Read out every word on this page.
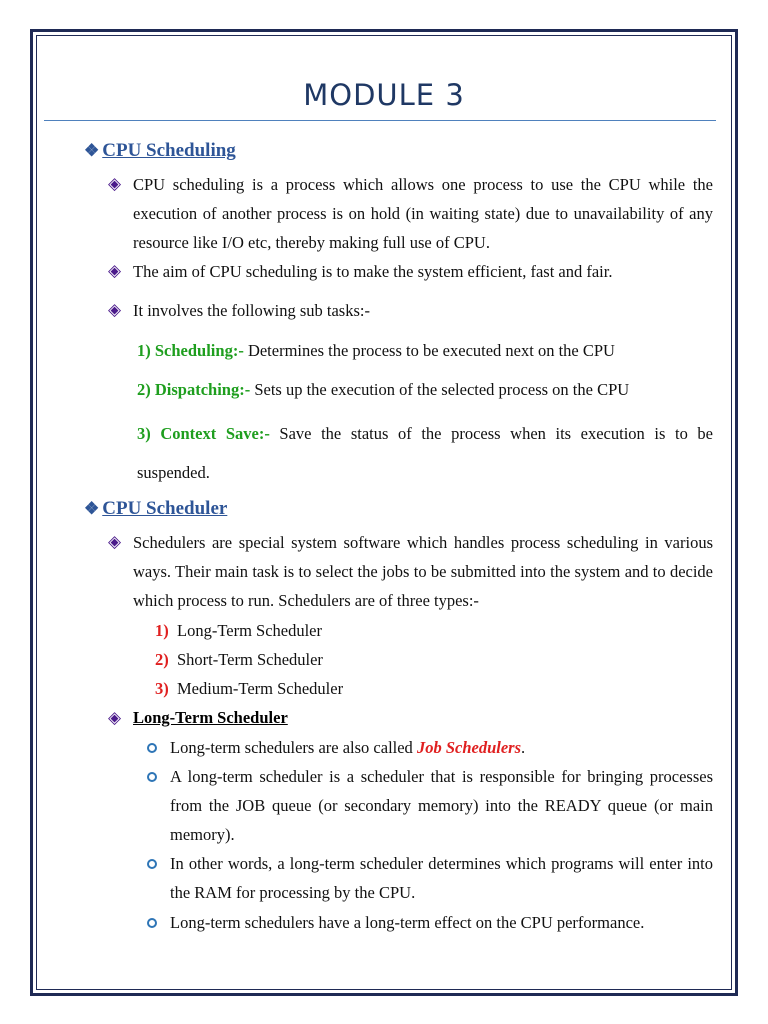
MODULE 3
❖ CPU Scheduling
◈ CPU scheduling is a process which allows one process to use the CPU while the execution of another process is on hold (in waiting state) due to unavailability of any resource like I/O etc, thereby making full use of CPU.
◈ The aim of CPU scheduling is to make the system efficient, fast and fair.
◈ It involves the following sub tasks:-
1) Scheduling:- Determines the process to be executed next on the CPU
2) Dispatching:- Sets up the execution of the selected process on the CPU
3) Context Save:- Save the status of the process when its execution is to be suspended.
❖ CPU Scheduler
◈ Schedulers are special system software which handles process scheduling in various ways. Their main task is to select the jobs to be submitted into the system and to decide which process to run. Schedulers are of three types:-
1) Long-Term Scheduler
2) Short-Term Scheduler
3) Medium-Term Scheduler
◈ Long-Term Scheduler
Long-term schedulers are also called Job Schedulers.
A long-term scheduler is a scheduler that is responsible for bringing processes from the JOB queue (or secondary memory) into the READY queue (or main memory).
In other words, a long-term scheduler determines which programs will enter into the RAM for processing by the CPU.
Long-term schedulers have a long-term effect on the CPU performance.
